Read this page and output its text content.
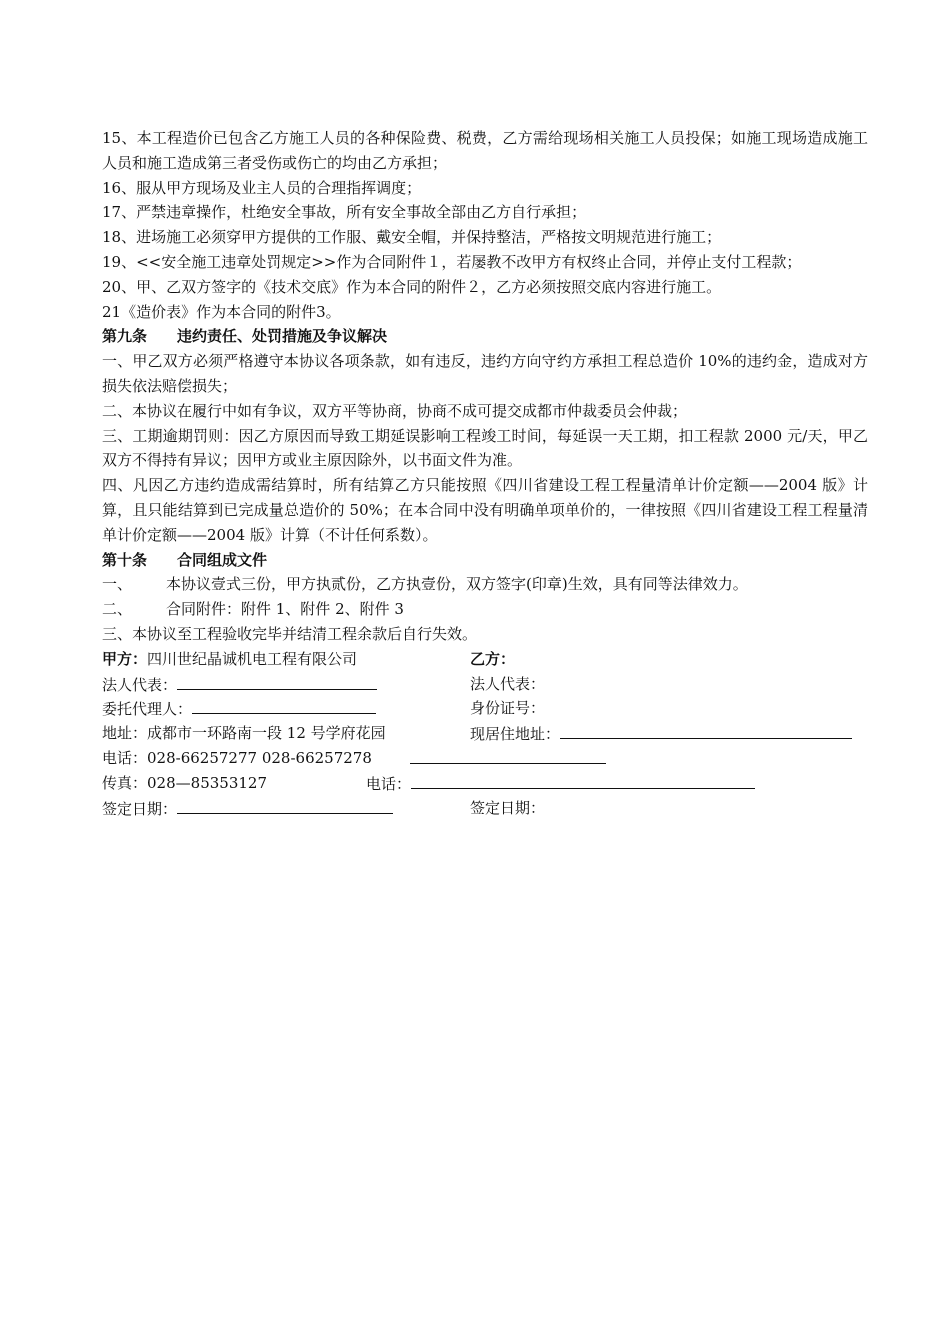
15、本工程造价已包含乙方施工人员的各种保险费、税费，乙方需给现场相关施工人员投保；如施工现场造成施工人员和施工造成第三者受伤或伤亡的均由乙方承担；

16、服从甲方现场及业主人员的合理指挥调度；

17、严禁违章操作，杜绝安全事故，所有安全事故全部由乙方自行承担；

18、进场施工必须穿甲方提供的工作服、戴安全帽，并保持整洁，严格按文明规范进行施工；

19、<<安全施工违章处罚规定>>作为合同附件１，若屡教不改甲方有权终止合同，并停止支付工程款；

20、甲、乙双方签字的《技术交底》作为本合同的附件２，乙方必须按照交底内容进行施工。

21《造价表》作为本合同的附件3。

第九条 违约责任、处罚措施及争议解决

一、甲乙双方必须严格遵守本协议各项条款，如有违反，违约方向守约方承担工程总造价 10%的违约金，造成对方损失依法赔偿损失；

二、本协议在履行中如有争议，双方平等协商，协商不成可提交成都市仲裁委员会仲裁；

三、工期逾期罚则：因乙方原因而导致工期延误影响工程竣工时间，每延误一天工期，扣工程款 2000 元/天，甲乙双方不得持有异议；因甲方或业主原因除外，以书面文件为准。

四、凡因乙方违约造成需结算时，所有结算乙方只能按照《四川省建设工程工程量清单计价定额——2004 版》计算，且只能结算到已完成量总造价的 50%；在本合同中没有明确单项单价的，一律按照《四川省建设工程工程量清单计价定额——2004 版》计算（不计任何系数）。

第十条 合同组成文件

一、 本协议壹式三份，甲方执贰份，乙方执壹份，双方签字(印章)生效，具有同等法律效力。

二、 合同附件：附件 1、附件 2、附件 3

三、本协议至工程验收完毕并结清工程余款后自行失效。

甲方：四川世纪晶诚机电工程有限公司	乙方：
法人代表：	法人代表：
委托代理人：	身份证号：
地址：成都市一环路南一段 12 号学府花园	现居住地址：
电话：028-66257277 028-66257278
传真：028—85353127	电话：
签定日期：	签定日期：
